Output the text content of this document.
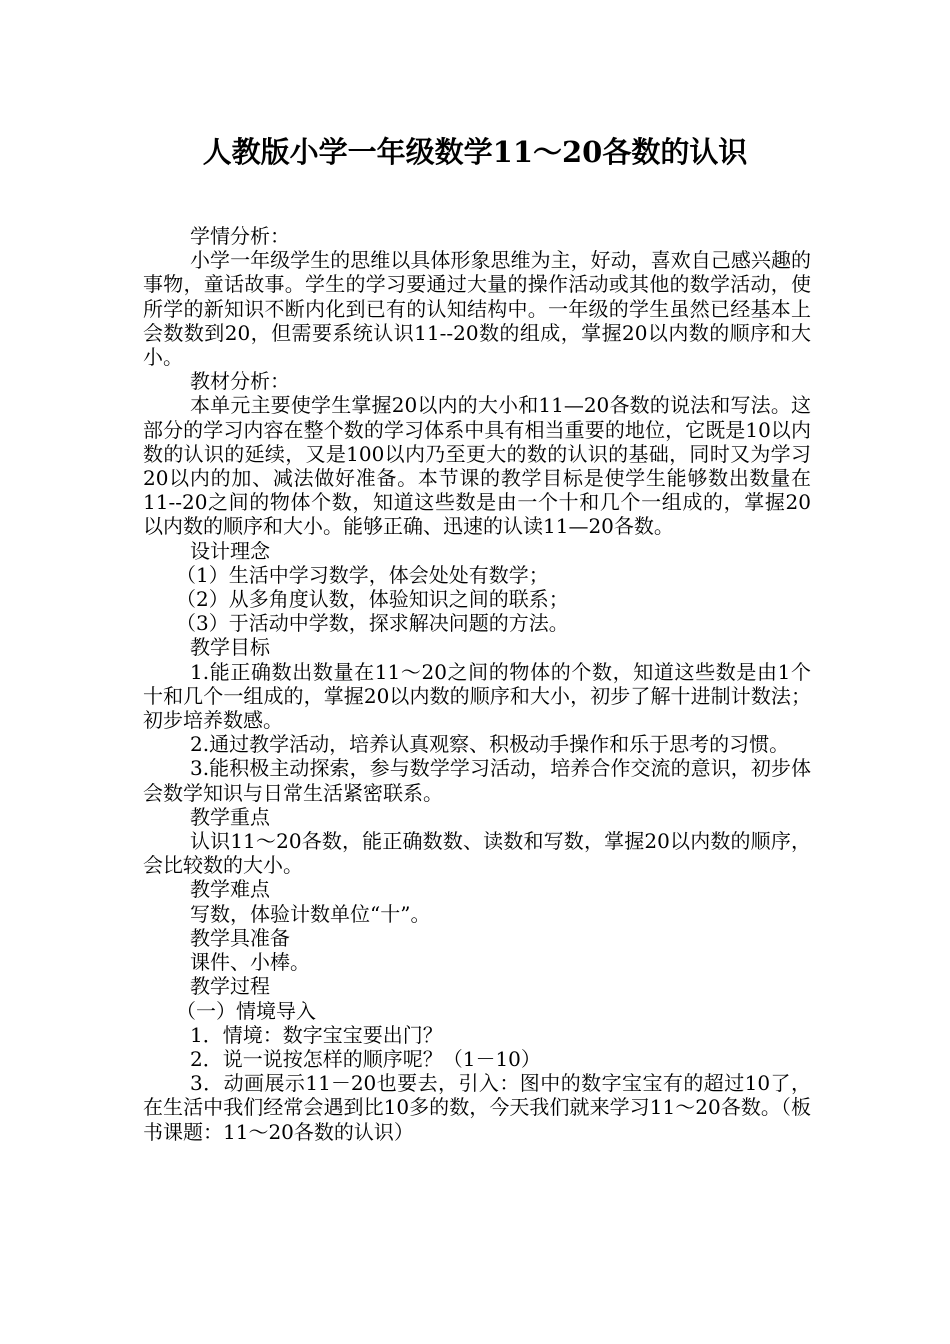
人教版小学一年级数学11～20各数的认识

学情分析：

小学一年级学生的思维以具体形象思维为主，好动，喜欢自己感兴趣的事物，童话故事。学生的学习要通过大量的操作活动或其他的数学活动，使所学的新知识不断内化到已有的认知结构中。一年级的学生虽然已经基本上会数数到20，但需要系统认识11--20数的组成，掌握20以内数的顺序和大小。

教材分析：

本单元主要使学生掌握20以内的大小和11—20各数的说法和写法。这部分的学习内容在整个数的学习体系中具有相当重要的地位，它既是10以内数的认识的延续，又是100以内乃至更大的数的认识的基础，同时又为学习20以内的加、减法做好准备。本节课的教学目标是使学生能够数出数量在11--20之间的物体个数，知道这些数是由一个十和几个一组成的，掌握20以内数的顺序和大小。能够正确、迅速的认读11—20各数。

设计理念

（1）生活中学习数学，体会处处有数学；

（2）从多角度认数，体验知识之间的联系；

（3）于活动中学数，探求解决问题的方法。

教学目标

1.能正确数出数量在11～20之间的物体的个数，知道这些数是由1个十和几个一组成的，掌握20以内数的顺序和大小，初步了解十进制计数法；初步培养数感。

2.通过教学活动，培养认真观察、积极动手操作和乐于思考的习惯。

3.能积极主动探索，参与数学学习活动，培养合作交流的意识，初步体会数学知识与日常生活紧密联系。

教学重点

认识11～20各数，能正确数数、读数和写数，掌握20以内数的顺序，会比较数的大小。

教学难点

写数，体验计数单位“十”。

教学具准备

课件、小棒。

教学过程

（一）情境导入

1．情境：数字宝宝要出门？

2．说一说按怎样的顺序呢？（1－10）

3．动画展示11－20也要去，引入：图中的数字宝宝有的超过10了，在生活中我们经常会遇到比10多的数，今天我们就来学习11～20各数。（板书课题：11～20各数的认识）
